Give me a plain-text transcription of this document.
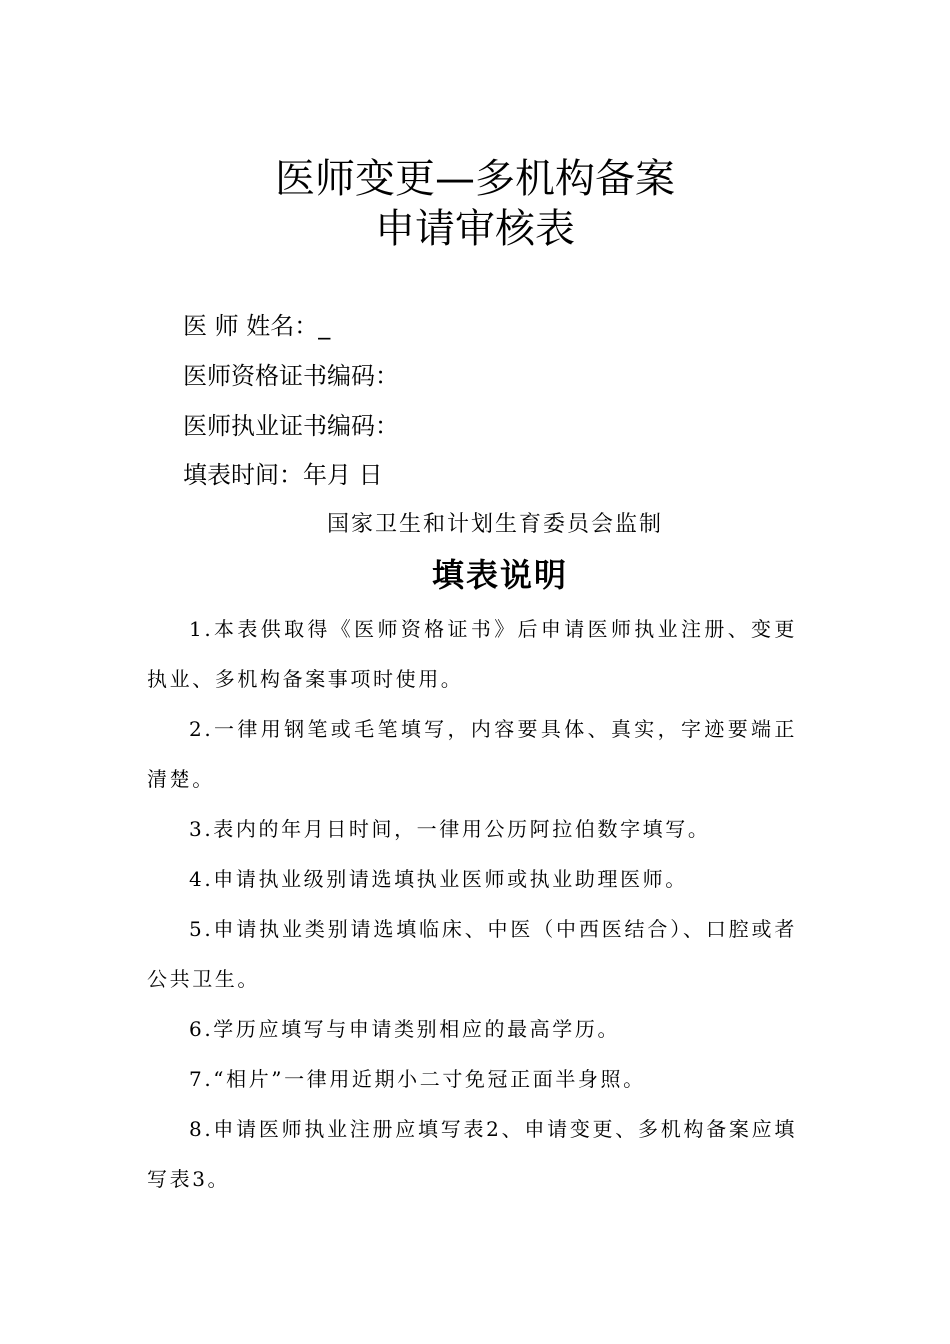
医师变更—多机构备案
申请审核表
医 师 姓名：_
医师资格证书编码：
医师执业证书编码：
填表时间：年月 日
国家卫生和计划生育委员会监制
填表说明
1.本表供取得《医师资格证书》后申请医师执业注册、变更执业、多机构备案事项时使用。
2.一律用钢笔或毛笔填写，内容要具体、真实，字迹要端正清楚。
3.表内的年月日时间，一律用公历阿拉伯数字填写。
4.申请执业级别请选填执业医师或执业助理医师。
5.申请执业类别请选填临床、中医（中西医结合）、口腔或者公共卫生。
6.学历应填写与申请类别相应的最高学历。
7.“相片”一律用近期小二寸免冠正面半身照。
8.申请医师执业注册应填写表2、申请变更、多机构备案应填写表3。
